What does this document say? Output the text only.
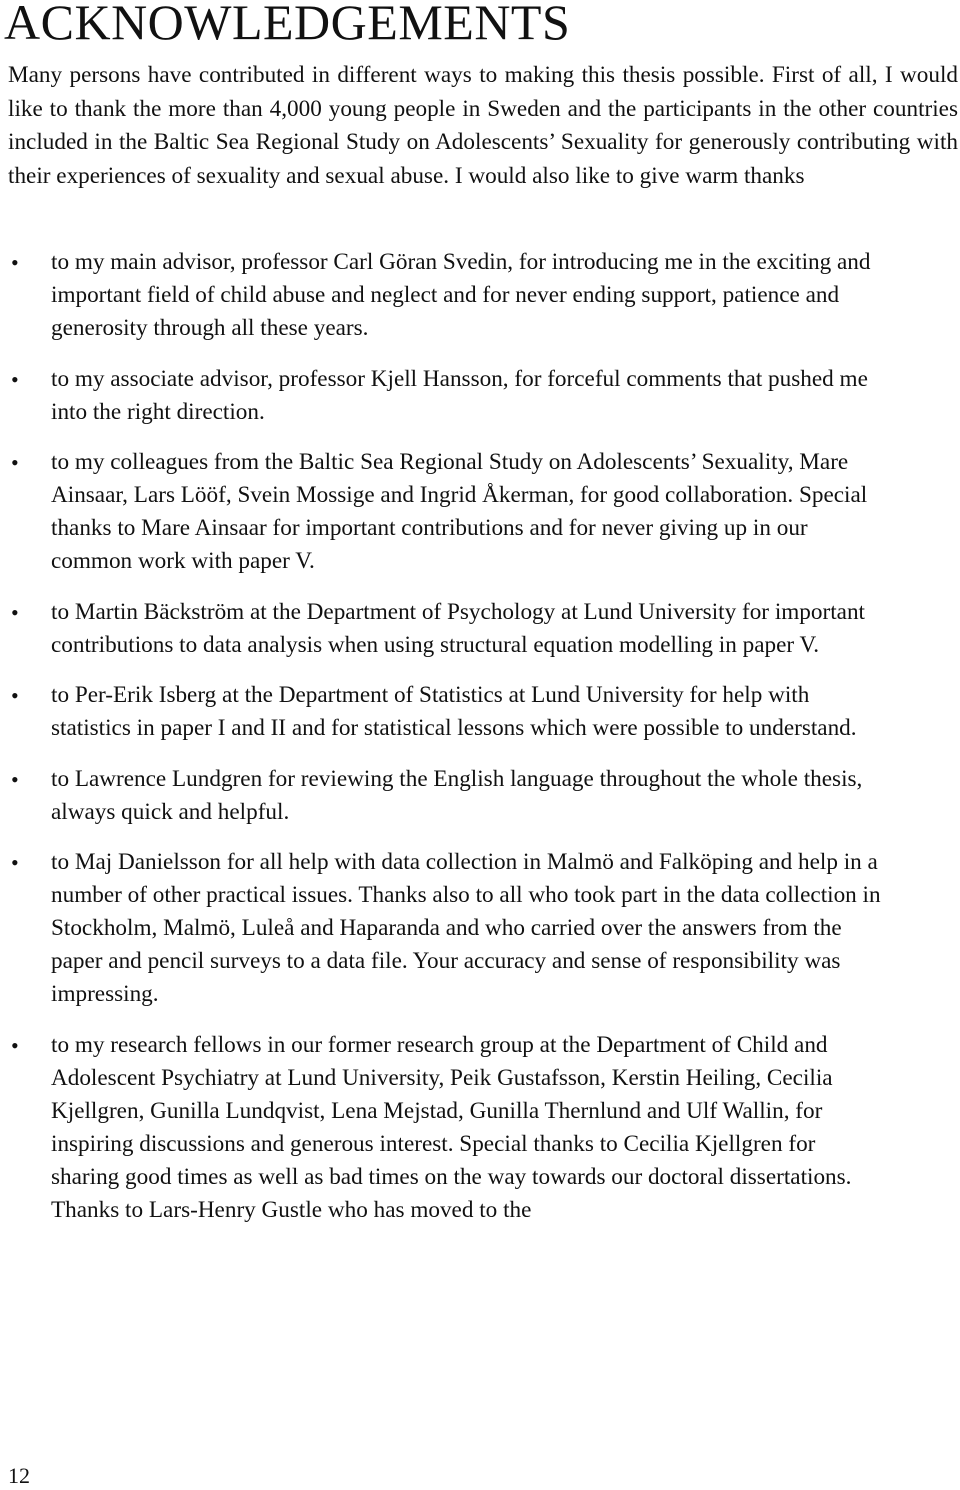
ACKNOWLEDGEMENTS

Many persons have contributed in different ways to making this thesis possible. First of all, I would like to thank the more than 4,000 young people in Sweden and the participants in the other countries included in the Baltic Sea Regional Study on Adolescents’ Sexuality for generously contributing with their experiences of sexuality and sexual abuse. I would also like to give warm thanks

• to my main advisor, professor Carl Göran Svedin, for introducing me in the exciting and important field of child abuse and neglect and for never ending support, patience and generosity through all these years.
• to my associate advisor, professor Kjell Hansson, for forceful comments that pushed me into the right direction.
• to my colleagues from the Baltic Sea Regional Study on Adolescents’ Sexuality, Mare Ainsaar, Lars Lööf, Svein Mossige and Ingrid Åkerman, for good collaboration. Special thanks to Mare Ainsaar for important contributions and for never giving up in our common work with paper V.
• to Martin Bäckström at the Department of Psychology at Lund University for important contributions to data analysis when using structural equation modelling in paper V.
• to Per-Erik Isberg at the Department of Statistics at Lund University for help with statistics in paper I and II and for statistical lessons which were possible to understand.
• to Lawrence Lundgren for reviewing the English language throughout the whole thesis, always quick and helpful.
• to Maj Danielsson for all help with data collection in Malmö and Falköping and help in a number of other practical issues. Thanks also to all who took part in the data collection in Stockholm, Malmö, Luleå and Haparanda and who carried over the answers from the paper and pencil surveys to a data file. Your accuracy and sense of responsibility was impressing.
• to my research fellows in our former research group at the Department of Child and Adolescent Psychiatry at Lund University, Peik Gustafsson, Kerstin Heiling, Cecilia Kjellgren, Gunilla Lundqvist, Lena Mejstad, Gunilla Thernlund and Ulf Wallin, for inspiring discussions and generous interest. Special thanks to Cecilia Kjellgren for sharing good times as well as bad times on the way towards our doctoral dissertations. Thanks to Lars-Henry Gustle who has moved to the
12
